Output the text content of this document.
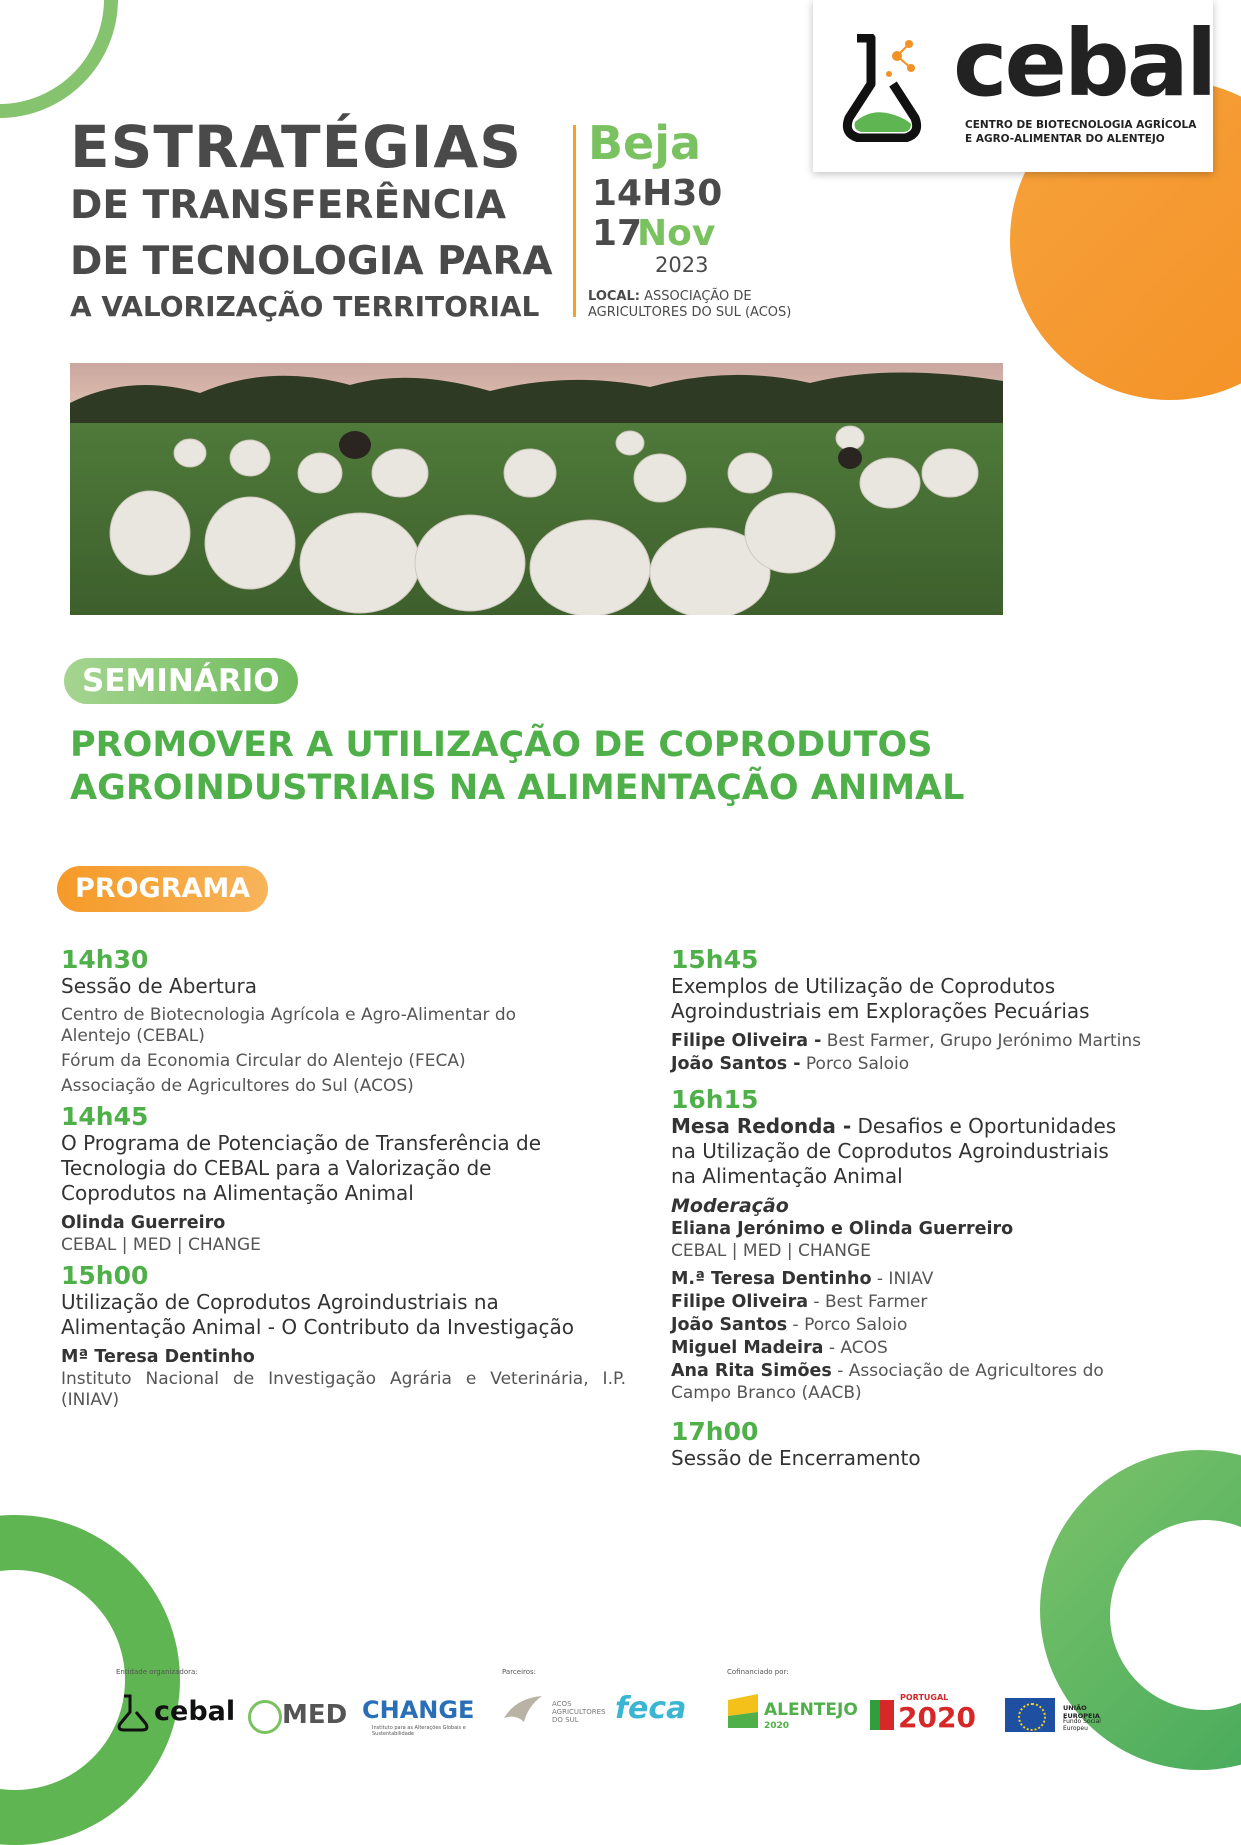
cebal
CENTRO DE BIOTECNOLOGIA AGRÍCOLA
E AGRO-ALIMENTAR DO ALENTEJO
ESTRATÉGIAS
DE TRANSFERÊNCIA
DE TECNOLOGIA PARA
A VALORIZAÇÃO TERRITORIAL
Beja
14H30
17
Nov
2023
LOCAL: ASSOCIAÇÃO DE
AGRICULTORES DO SUL (ACOS)
SEMINÁRIO
PROMOVER A UTILIZAÇÃO DE COPRODUTOS
AGROINDUSTRIAIS NA ALIMENTAÇÃO ANIMAL
PROGRAMA
14h30
Sessão de Abertura
Centro de Biotecnologia Agrícola e Agro-Alimentar do
Alentejo (CEBAL)
Fórum da Economia Circular do Alentejo (FECA)
Associação de Agricultores do Sul (ACOS)
14h45
O Programa de Potenciação de Transferência de
Tecnologia do CEBAL para a Valorização de
Coprodutos na Alimentação Animal
Olinda Guerreiro
CEBAL | MED | CHANGE
15h00
Utilização de Coprodutos Agroindustriais na
Alimentação Animal - O Contributo da Investigação
Mª Teresa Dentinho
Instituto Nacional de Investigação Agrária e Veterinária, I.P.
(INIAV)
15h45
Exemplos de Utilização de Coprodutos
Agroindustriais em Explorações Pecuárias
Filipe Oliveira - Best Farmer, Grupo Jerónimo Martins
João Santos - Porco Saloio
16h15
Mesa Redonda - Desafios e Oportunidades
na Utilização de Coprodutos Agroindustriais
na Alimentação Animal
Moderação
Eliana Jerónimo e Olinda Guerreiro
CEBAL | MED | CHANGE
M.ª Teresa Dentinho - INIAV
Filipe Oliveira - Best Farmer
João Santos - Porco Saloio
Miguel Madeira - ACOS
Ana Rita Simões - Associação de Agricultores do
Campo Branco (AACB)
17h00
Sessão de Encerramento
Entidade organizadora:	Parceiros:	Cofinanciado por:
cebal MED CHANGE
Instituto para as Alterações Globais e Sustentabilidade
ACOS AGRICULTORES DO SUL	feca	ALENTEJO
2020
PORTUGAL
2020	UNIÃO EUROPEIA
Fundo Social Europeu
